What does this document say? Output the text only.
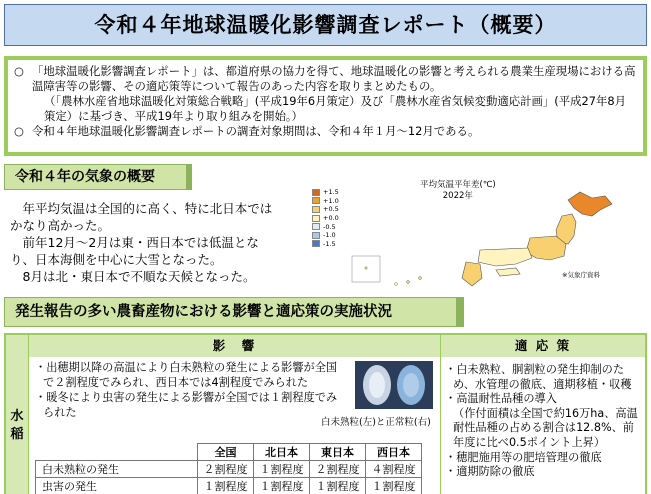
令和４年地球温暖化影響調査レポート（概要）
○ 「地球温暖化影響調査レポート」は、都道府県の協力を得て、地球温暖化の影響と考えられる農業生産現場における高温障害等の影響、その適応策等について報告のあった内容を取りまとめたもの。
（「農林水産省地球温暖化対策総合戦略」(平成19年6月策定）及び「農林水産省気候変動適応計画」(平成27年8月策定）に基づき、平成19年より取り組みを開始。）
○ 令和４年地球温暖化影響調査レポートの調査対象期間は、令和４年１月～12月である。
令和４年の気象の概要
年平均気温は全国的に高く、特に北日本ではかなり高かった。
前年12月～2月は東・西日本では低温となり、日本海側を中心に大雪となった。
8月は北・東日本で不順な天候となった。
+1.5
+1.0
+0.5
+0.0
-0.5
-1.0
-1.5
平均気温平年差(℃)
2022年
※気象庁資料
発生報告の多い農畜産物における影響と適応策の実施状況
影　響	適 応 策
水
稲
・出穂期以降の高温により白未熟粒の発生による影響が全国で２割程度でみられ、西日本では4割程度でみられた
・暖冬により虫害の発生による影響が全国では１割程度でみられた
白未熟粒(左)と正常粒(右)
	全国	北日本	東日本	西日本
白未熟粒の発生	２割程度	１割程度	２割程度	４割程度
虫害の発生	１割程度	１割程度	１割程度	１割程度
・白未熟粒、胴割粒の発生抑制のため、水管理の徹底、適期移植・収穫
・高温耐性品種の導入
（作付面積は全国で約16万ha、高温耐性品種の占める割合は12.8%、前年度に比べ0.5ポイント上昇）
・穂肥施用等の肥培管理の徹底
・適期防除の徹底
